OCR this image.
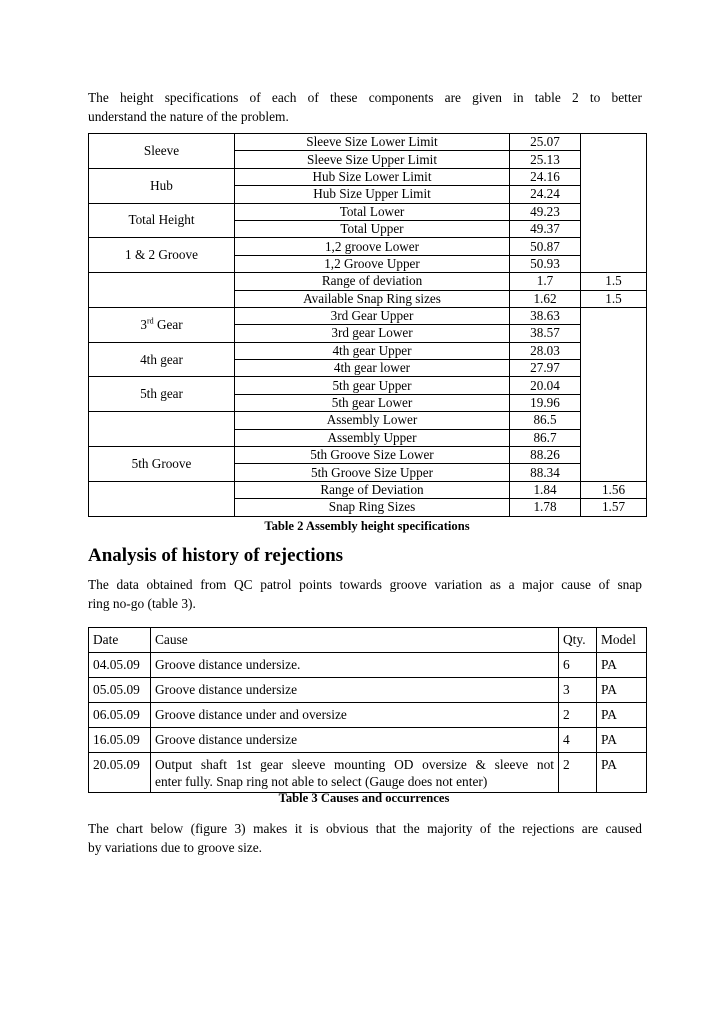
The height specifications of each of these components are given in table 2 to better
understand the nature of the problem.
Sleeve	Sleeve Size Lower Limit	25.07	
	Sleeve Size Upper Limit	25.13	
Hub	Hub Size Lower Limit	24.16	
	Hub Size Upper Limit	24.24	
Total Height	Total Lower	49.23	
	Total Upper	49.37	
1 & 2 Groove	1,2 groove Lower	50.87	
	1,2 Groove Upper	50.93	
	Range of deviation	1.7	1.5
	Available Snap Ring sizes	1.62	1.5
3rd Gear	3rd Gear Upper	38.63	
	3rd gear Lower	38.57	
4th gear	4th gear Upper	28.03	
	4th gear lower	27.97	
5th gear	5th gear Upper	20.04	
	5th gear Lower	19.96	
	Assembly Lower	86.5	
	Assembly Upper	86.7	
5th Groove	5th Groove Size Lower	88.26	
	5th Groove Size Upper	88.34	
	Range of Deviation	1.84	1.56
	Snap Ring Sizes	1.78	1.57
Table 2 Assembly height specifications
Analysis of history of rejections
The data obtained from QC patrol points towards groove variation as a major cause of snap
ring no-go (table 3).
Date	Cause	Qty.	Model
04.05.09	Groove distance undersize.	6	PA
05.05.09	Groove distance undersize	3	PA
06.05.09	Groove distance under and oversize	2	PA
16.05.09	Groove distance undersize	4	PA
20.05.09	Output shaft 1st gear sleeve mounting OD oversize & sleeve not
enter fully. Snap ring not able to select (Gauge does not enter)	2	PA
Table 3 Causes and occurrences
The chart below (figure 3) makes it is obvious that the majority of the rejections are caused
by variations due to groove size.
